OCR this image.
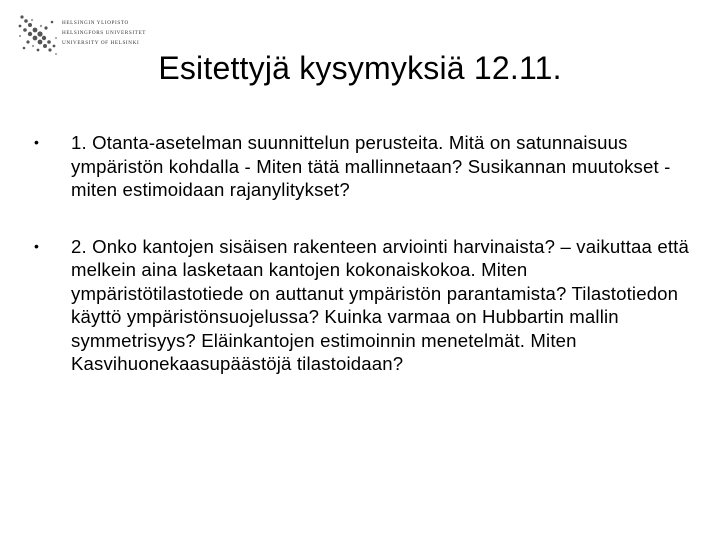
HELSINGIN YLIOPISTO
HELSINGFORS UNIVERSITET
UNIVERSITY OF HELSINKI
Esitettyjä kysymyksiä 12.11.
• 1. Otanta-asetelman suunnittelun perusteita. Mitä on satunnaisuus ympäristön kohdalla - Miten tätä mallinnetaan? Susikannan muutokset - miten estimoidaan rajanylitykset?
• 2. Onko kantojen sisäisen rakenteen arviointi harvinaista? – vaikuttaa että melkein aina lasketaan kantojen kokonaiskokoa. Miten ympäristötilastotiede on auttanut ympäristön parantamista? Tilastotiedon käyttö ympäristönsuojelussa? Kuinka varmaa on Hubbartin mallin symmetrisyys? Eläinkantojen estimoinnin menetelmät. Miten Kasvihuonekaasupäästöjä tilastoidaan?
